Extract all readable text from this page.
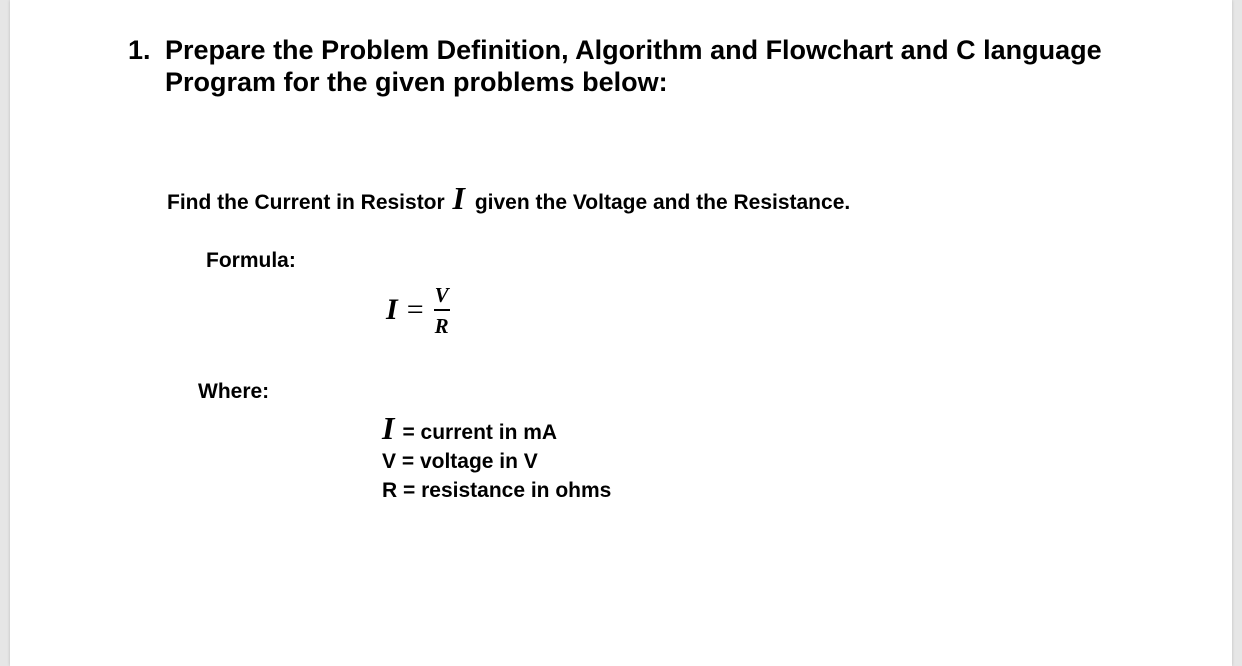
1. Prepare the Problem Definition, Algorithm and Flowchart and C language
Program for the given problems below:
Find the Current in Resistor I given the Voltage and the Resistance.
Formula:
$I = \frac{V}{R}$
Where:
I = current in mA
V = voltage in V
R = resistance in ohms
